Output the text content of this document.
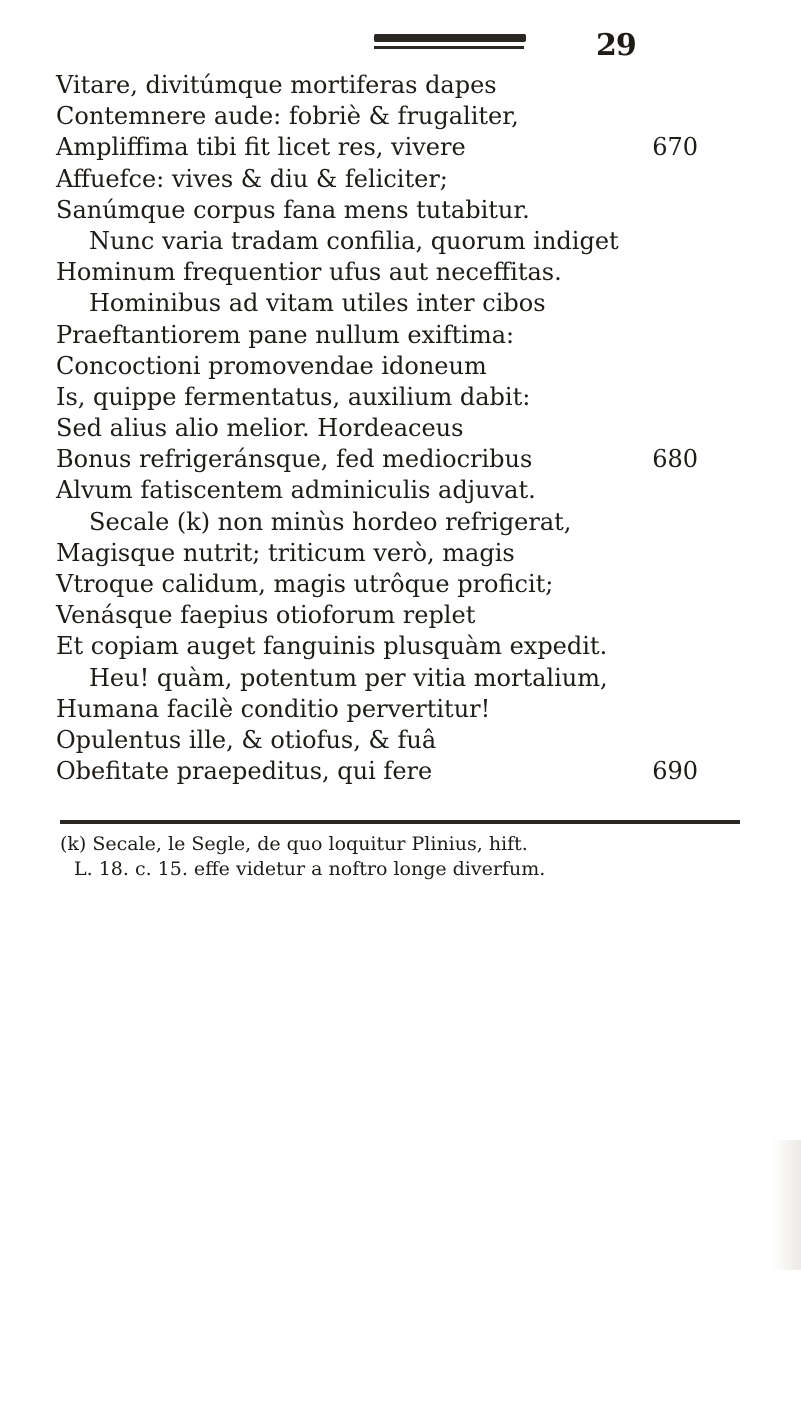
29
Vitare, divitúmque mortiferas dapes
Contemnere aude: fobriè & frugaliter,
Ampliffima tibi fit licet res, vivere	670
Affuefce: vives & diu & feliciter;
Sanúmque corpus fana mens tutabitur.
Nunc varia tradam confilia, quorum indiget
Hominum frequentior ufus aut neceffitas.
Hominibus ad vitam utiles inter cibos
Praeftantiorem pane nullum exiftima:
Concoctioni promovendae idoneum
Is, quippe fermentatus, auxilium dabit:
Sed alius alio melior. Hordeaceus
Bonus refrigeránsque, fed mediocribus	680
Alvum fatiscentem adminiculis adjuvat.
Secale (k) non minùs hordeo refrigerat,
Magisque nutrit; triticum verò, magis
Vtroque calidum, magis utrôque proficit;
Venásque faepius otioforum replet
Et copiam auget fanguinis plusquàm expedit.
Heu! quàm, potentum per vitia mortalium,
Humana facilè conditio pervertitur!
Opulentus ille, & otiofus, & fuâ
Obefitate praepeditus, qui fere	690
(k) Secale, le Segle, de quo loquitur Plinius, hift.
L. 18. c. 15. effe videtur a noftro longe diverfum.
